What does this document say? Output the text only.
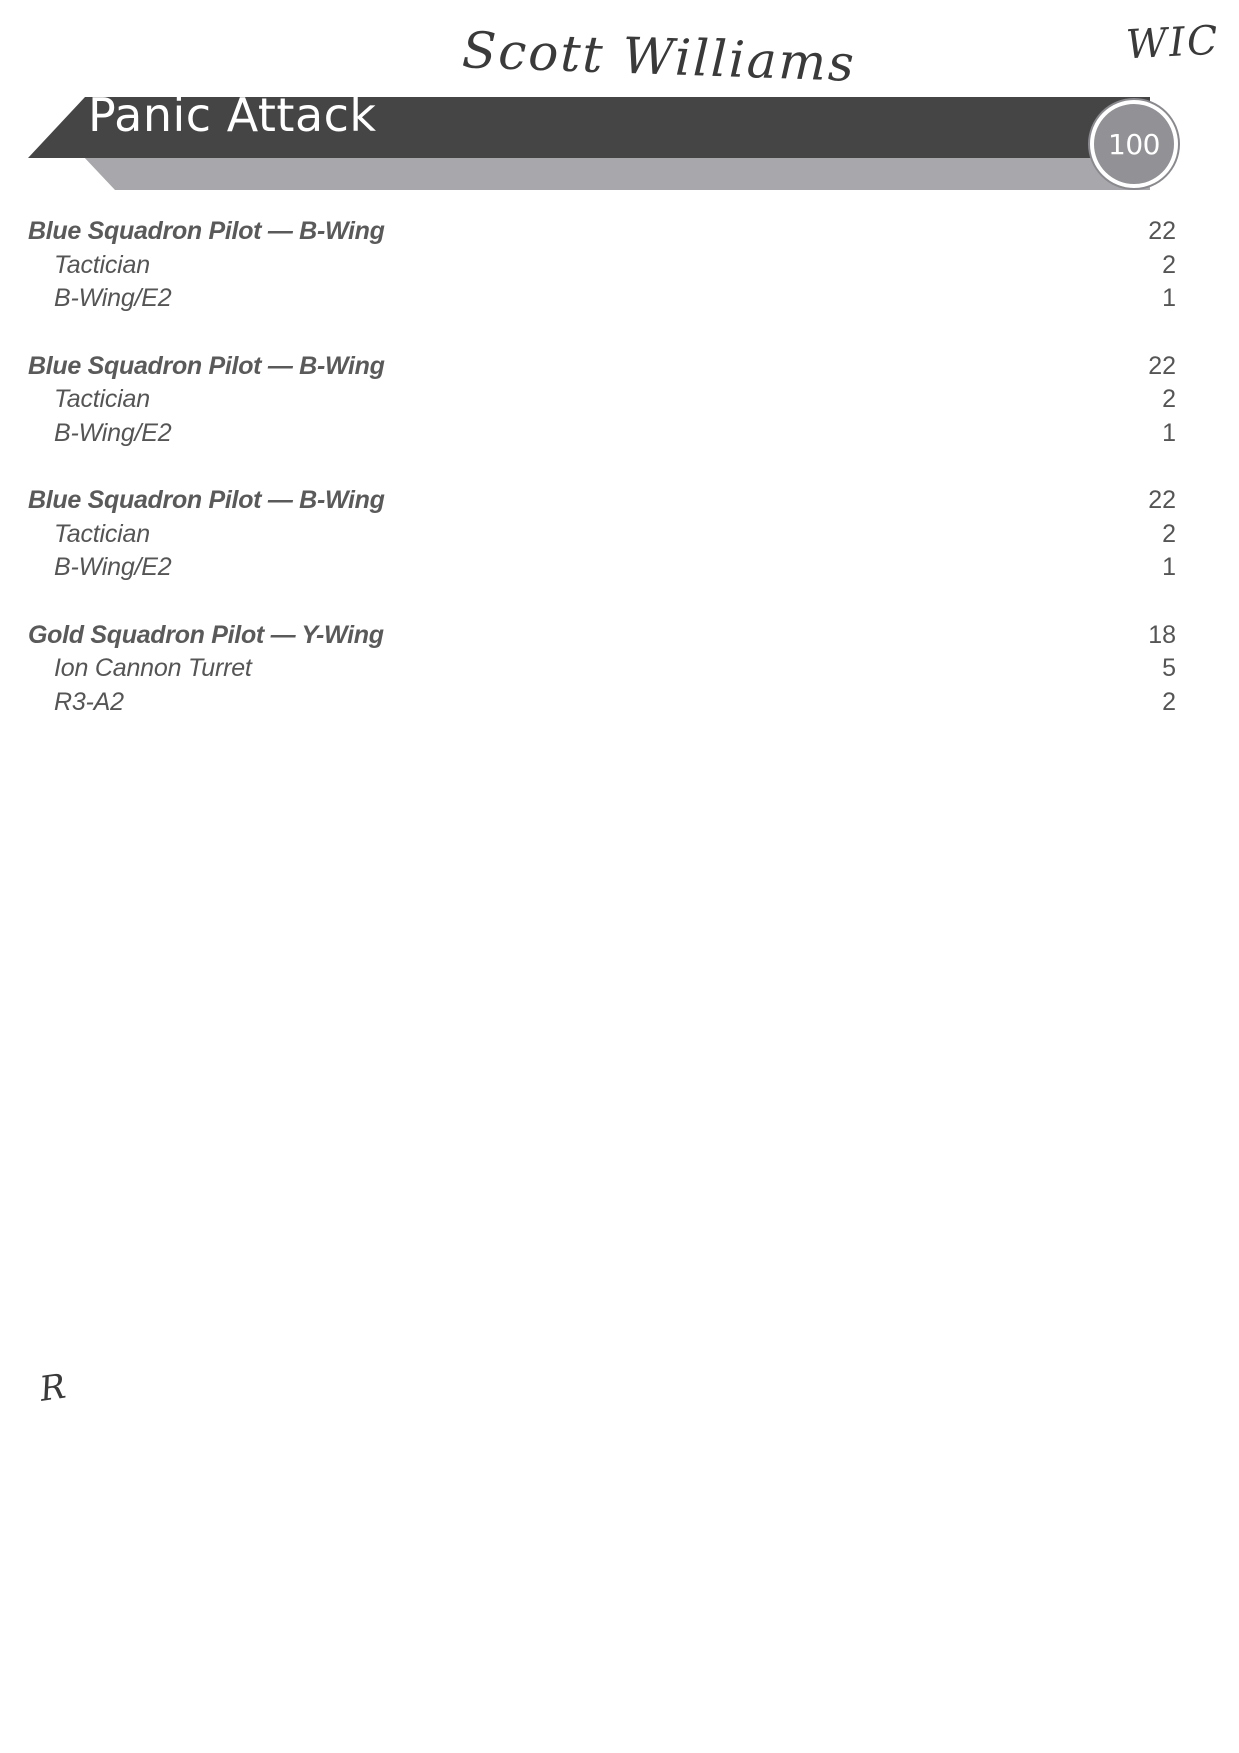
Scott Williams	WIC
R
Panic Attack
100
Blue Squadron Pilot — B-Wing	22
Tactician	2
B-Wing/E2	1
Blue Squadron Pilot — B-Wing	22
Tactician	2
B-Wing/E2	1
Blue Squadron Pilot — B-Wing	22
Tactician	2
B-Wing/E2	1
Gold Squadron Pilot — Y-Wing	18
Ion Cannon Turret	5
R3-A2	2
